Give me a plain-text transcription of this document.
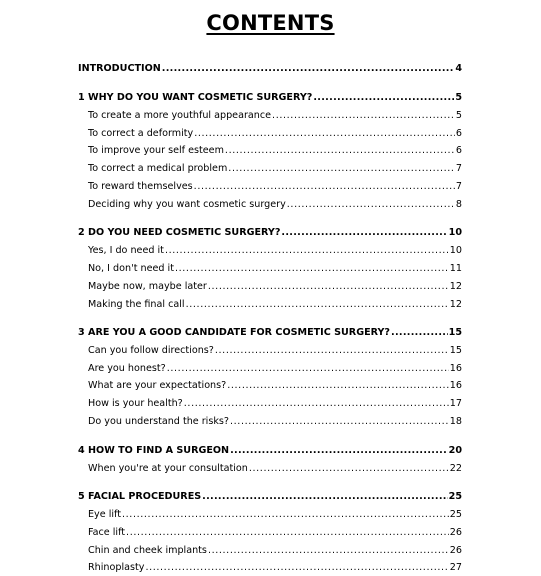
CONTENTS
INTRODUCTION .....	4
1 WHY DO YOU WANT COSMETIC SURGERY? .....	5
To create a more youthful appearance .....	5
To correct a deformity .....	6
To improve your self esteem .....	6
To correct a medical problem .....	7
To reward themselves .....	7
Deciding why you want cosmetic surgery .....	8
2 DO YOU NEED COSMETIC SURGERY? .....	10
Yes, I do need it .....	10
No, I don't need it .....	11
Maybe now, maybe later .....	12
Making the final call .....	12
3 ARE YOU A GOOD CANDIDATE FOR COSMETIC SURGERY? .....	15
Can you follow directions? .....	15
Are you honest? .....	16
What are your expectations? .....	16
How is your health? .....	17
Do you understand the risks? .....	18
4 HOW TO FIND A SURGEON .....	20
When you're at your consultation .....	22
5 FACIAL PROCEDURES .....	25
Eye lift .....	25
Face lift .....	26
Chin and cheek implants .....	26
Rhinoplasty .....	27
